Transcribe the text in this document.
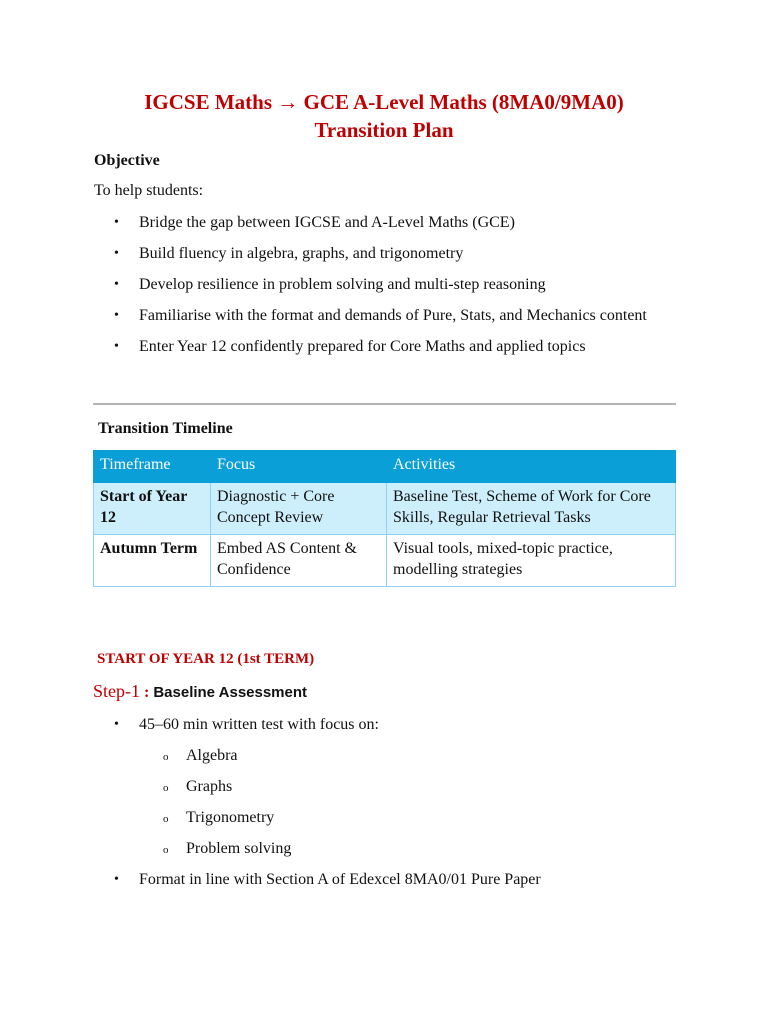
IGCSE Maths → GCE A-Level Maths (8MA0/9MA0)
Transition Plan
Objective
To help students:
• Bridge the gap between IGCSE and A-Level Maths (GCE)
• Build fluency in algebra, graphs, and trigonometry
• Develop resilience in problem solving and multi-step reasoning
• Familiarise with the format and demands of Pure, Stats, and Mechanics content
• Enter Year 12 confidently prepared for Core Maths and applied topics
Transition Timeline
Timeframe	Focus	Activities
Start of Year 12	Diagnostic + Core Concept Review	Baseline Test, Scheme of Work for Core Skills, Regular Retrieval Tasks
Autumn Term	Embed AS Content & Confidence	Visual tools, mixed-topic practice, modelling strategies
START OF YEAR 12 (1st TERM)
Step-1 : Baseline Assessment
• 45–60 min written test with focus on:
o Algebra
o Graphs
o Trigonometry
o Problem solving
• Format in line with Section A of Edexcel 8MA0/01 Pure Paper
